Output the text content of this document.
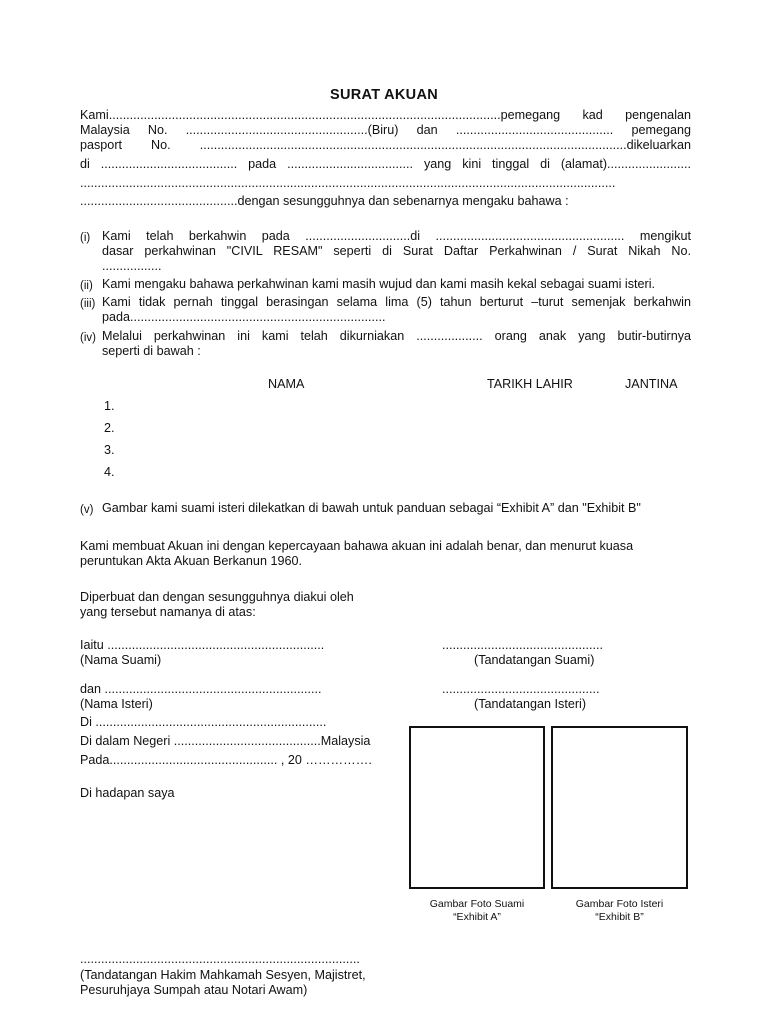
SURAT AKUAN
Kami................................................................................................................pemegang kad pengenalan
Malaysia No. ....................................................(Biru) dan ............................................. pemegang
pasport No. ..........................................................................................................................dikeluarkan
di ....................................... pada .................................... yang kini tinggal di (alamat)........................
.........................................................................................................................................................
.............................................dengan sesungguhnya dan sebenarnya mengaku bahawa :
(i) Kami telah berkahwin pada ..............................di ...................................................... mengikut
dasar perkahwinan "CIVIL RESAM" seperti di Surat Daftar Perkahwinan / Surat Nikah No.
.................
(ii) Kami mengaku bahawa perkahwinan kami masih wujud dan kami masih kekal sebagai suami isteri.
(iii) Kami tidak pernah tinggal berasingan selama lima (5) tahun berturut –turut semenjak berkahwin
pada.........................................................................
(iv) Melalui perkahwinan ini kami telah dikurniakan ................... orang anak yang butir-butirnya
seperti di bawah :
NAMA	TARIKH LAHIR	JANTINA
1.
2.
3.
4.
(v) Gambar kami suami isteri dilekatkan di bawah untuk panduan sebagai “Exhibit A” dan "Exhibit B"
Kami membuat Akuan ini dengan kepercayaan bahawa akuan ini adalah benar, dan menurut kuasa
peruntukan Akta Akuan Berkanun 1960.
Diperbuat dan dengan sesungguhnya diakui oleh
yang tersebut namanya di atas:
Iaitu ..............................................................
(Nama Suami)
..............................................
(Tandatangan Suami)
dan ..............................................................
(Nama Isteri)
.............................................
(Tandatangan Isteri)
Di ..................................................................
Di dalam Negeri ..........................................Malaysia
Pada................................................ , 20 …………….
Di hadapan saya
Gambar Foto Suami
“Exhibit A”
Gambar Foto Isteri
“Exhibit B”
................................................................................
(Tandatangan Hakim Mahkamah Sesyen, Majistret,
Pesuruhjaya Sumpah atau Notari Awam)
